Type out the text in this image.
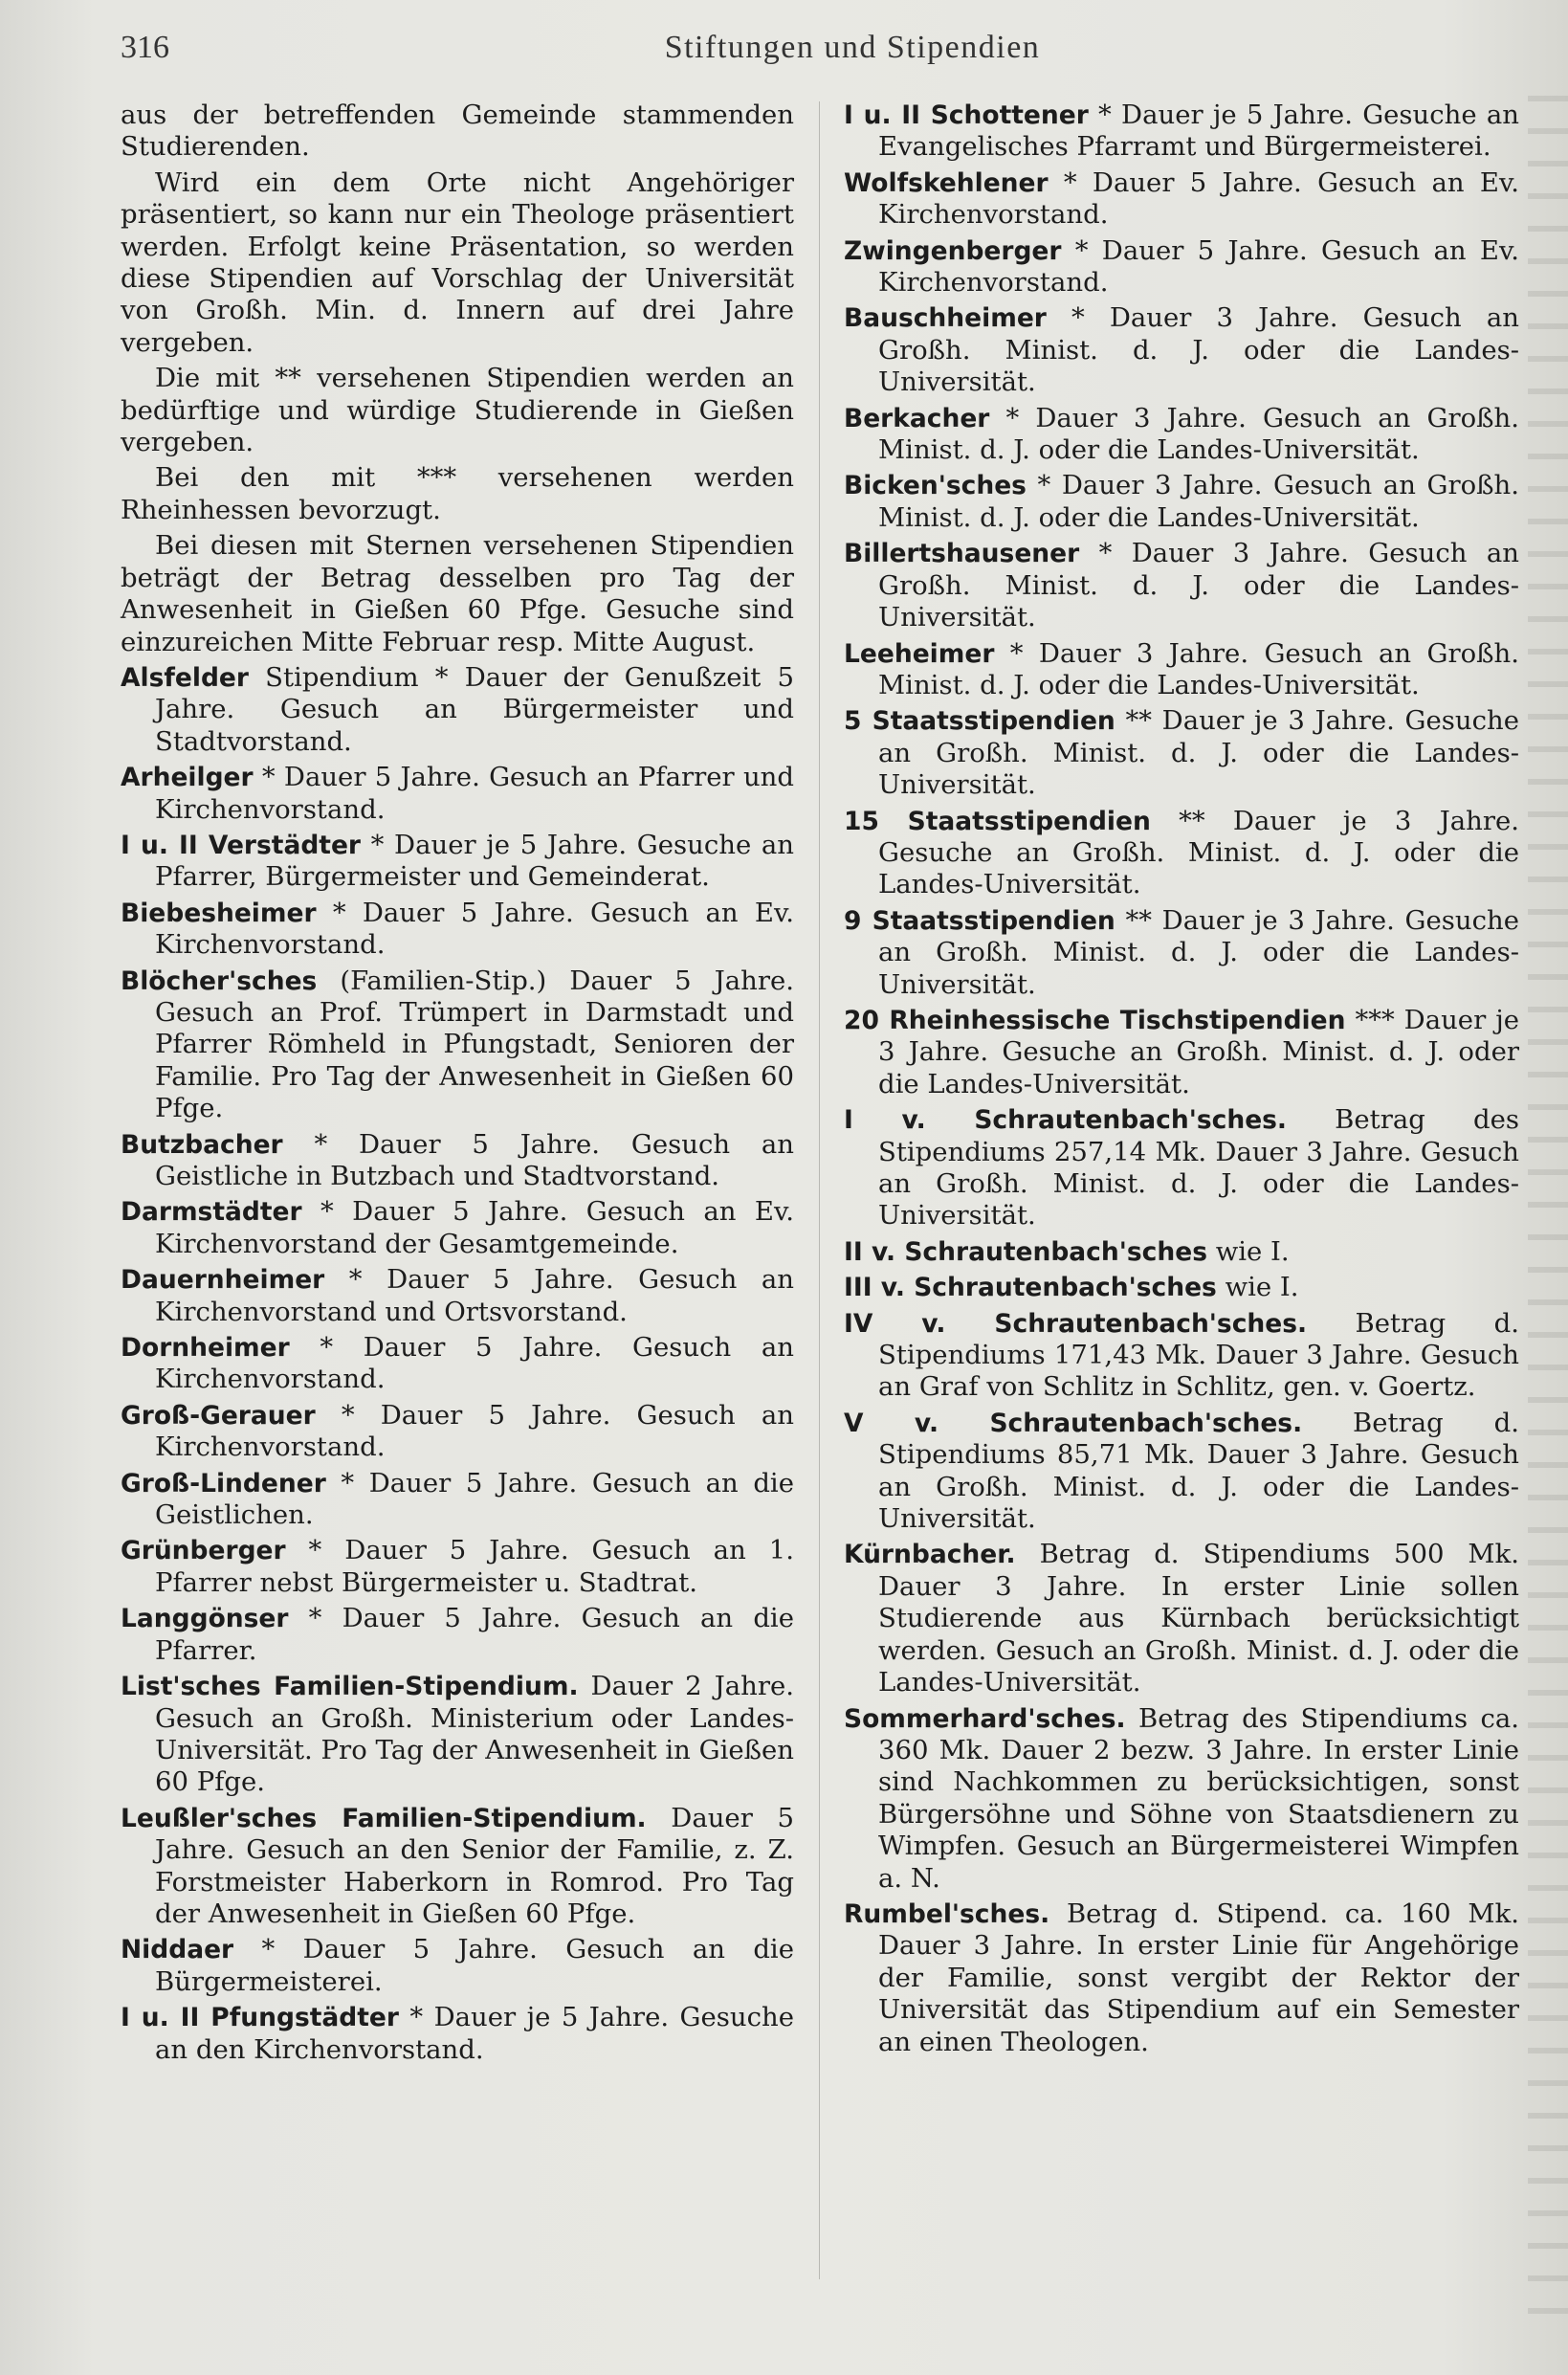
316	Stiftungen und Stipendien

aus der betreffenden Gemeinde stammenden Studierenden.

Wird ein dem Orte nicht Angehöriger präsentiert, so kann nur ein Theologe präsentiert werden. Erfolgt keine Präsentation, so werden diese Stipendien auf Vorschlag der Universität von Großh. Min. d. Innern auf drei Jahre vergeben.

Die mit ** versehenen Stipendien werden an bedürftige und würdige Studierende in Gießen vergeben.

Bei den mit *** versehenen werden Rheinhessen bevorzugt.

Bei diesen mit Sternen versehenen Stipendien beträgt der Betrag desselben pro Tag der Anwesenheit in Gießen 60 Pfge. Gesuche sind einzureichen Mitte Februar resp. Mitte August.

Alsfelder Stipendium * Dauer der Genußzeit 5 Jahre. Gesuch an Bürgermeister und Stadtvorstand.

Arheilger * Dauer 5 Jahre. Gesuch an Pfarrer und Kirchenvorstand.

I u. II Verstädter * Dauer je 5 Jahre. Gesuche an Pfarrer, Bürgermeister und Gemeinderat.

Biebesheimer * Dauer 5 Jahre. Gesuch an Ev. Kirchenvorstand.

Blöcher'sches (Familien-Stip.) Dauer 5 Jahre. Gesuch an Prof. Trümpert in Darmstadt und Pfarrer Römheld in Pfungstadt, Senioren der Familie. Pro Tag der Anwesenheit in Gießen 60 Pfge.

Butzbacher * Dauer 5 Jahre. Gesuch an Geistliche in Butzbach und Stadtvorstand.

Darmstädter * Dauer 5 Jahre. Gesuch an Ev. Kirchenvorstand der Gesamtgemeinde.

Dauernheimer * Dauer 5 Jahre. Gesuch an Kirchenvorstand und Ortsvorstand.

Dornheimer * Dauer 5 Jahre. Gesuch an Kirchenvorstand.

Groß-Gerauer * Dauer 5 Jahre. Gesuch an Kirchenvorstand.

Groß-Lindener * Dauer 5 Jahre. Gesuch an die Geistlichen.

Grünberger * Dauer 5 Jahre. Gesuch an 1. Pfarrer nebst Bürgermeister u. Stadtrat.

Langgönser * Dauer 5 Jahre. Gesuch an die Pfarrer.

List'sches Familien-Stipendium. Dauer 2 Jahre. Gesuch an Großh. Ministerium oder Landes-Universität. Pro Tag der Anwesenheit in Gießen 60 Pfge.

Leußler'sches Familien-Stipendium. Dauer 5 Jahre. Gesuch an den Senior der Familie, z. Z. Forstmeister Haberkorn in Romrod. Pro Tag der Anwesenheit in Gießen 60 Pfge.

Niddaer * Dauer 5 Jahre. Gesuch an die Bürgermeisterei.

I u. II Pfungstädter * Dauer je 5 Jahre. Gesuche an den Kirchenvorstand.

I u. II Schottener * Dauer je 5 Jahre. Gesuche an Evangelisches Pfarramt und Bürgermeisterei.

Wolfskehlener * Dauer 5 Jahre. Gesuch an Ev. Kirchenvorstand.

Zwingenberger * Dauer 5 Jahre. Gesuch an Ev. Kirchenvorstand.

Bauschheimer * Dauer 3 Jahre. Gesuch an Großh. Minist. d. J. oder die Landes-Universität.

Berkacher * Dauer 3 Jahre. Gesuch an Großh. Minist. d. J. oder die Landes-Universität.

Bicken'sches * Dauer 3 Jahre. Gesuch an Großh. Minist. d. J. oder die Landes-Universität.

Billertshausener * Dauer 3 Jahre. Gesuch an Großh. Minist. d. J. oder die Landes-Universität.

Leeheimer * Dauer 3 Jahre. Gesuch an Großh. Minist. d. J. oder die Landes-Universität.

5 Staatsstipendien ** Dauer je 3 Jahre. Gesuche an Großh. Minist. d. J. oder die Landes-Universität.

15 Staatsstipendien ** Dauer je 3 Jahre. Gesuche an Großh. Minist. d. J. oder die Landes-Universität.

9 Staatsstipendien ** Dauer je 3 Jahre. Gesuche an Großh. Minist. d. J. oder die Landes-Universität.

20 Rheinhessische Tischstipendien *** Dauer je 3 Jahre. Gesuche an Großh. Minist. d. J. oder die Landes-Universität.

I v. Schrautenbach'sches. Betrag des Stipendiums 257,14 Mk. Dauer 3 Jahre. Gesuch an Großh. Minist. d. J. oder die Landes-Universität.

II v. Schrautenbach'sches wie I.

III v. Schrautenbach'sches wie I.

IV v. Schrautenbach'sches. Betrag d. Stipendiums 171,43 Mk. Dauer 3 Jahre. Gesuch an Graf von Schlitz in Schlitz, gen. v. Goertz.

V v. Schrautenbach'sches. Betrag d. Stipendiums 85,71 Mk. Dauer 3 Jahre. Gesuch an Großh. Minist. d. J. oder die Landes-Universität.

Kürnbacher. Betrag d. Stipendiums 500 Mk. Dauer 3 Jahre. In erster Linie sollen Studierende aus Kürnbach berücksichtigt werden. Gesuch an Großh. Minist. d. J. oder die Landes-Universität.

Sommerhard'sches. Betrag des Stipendiums ca. 360 Mk. Dauer 2 bezw. 3 Jahre. In erster Linie sind Nachkommen zu berücksichtigen, sonst Bürgersöhne und Söhne von Staatsdienern zu Wimpfen. Gesuch an Bürgermeisterei Wimpfen a. N.

Rumbel'sches. Betrag d. Stipend. ca. 160 Mk. Dauer 3 Jahre. In erster Linie für Angehörige der Familie, sonst vergibt der Rektor der Universität das Stipendium auf ein Semester an einen Theologen.
